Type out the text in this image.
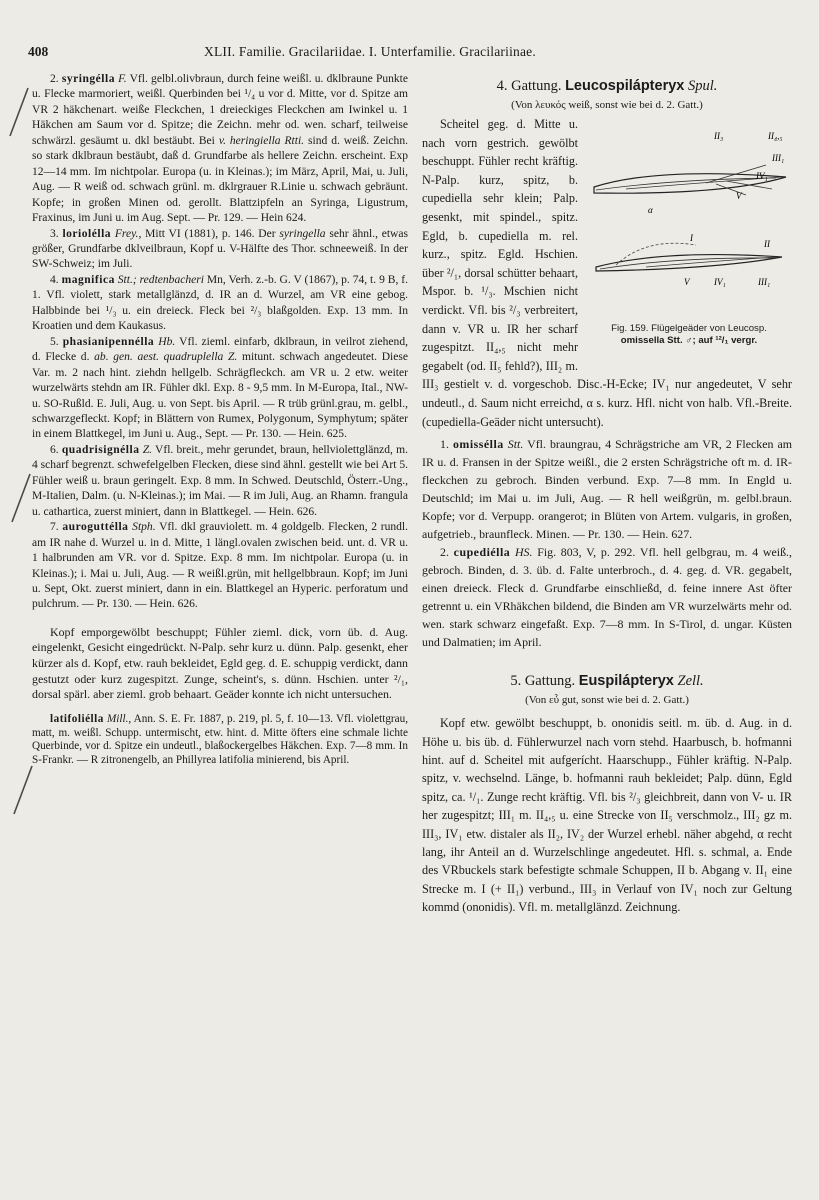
408	XLII. Familie. Gracilariidae. I. Unterfamilie. Gracilariinae.

2. syringélla F. Vfl. gelbl.olivbraun, durch feine weißl. u. dklbraune Punkte u. Flecke marmoriert, weißl. Querbinden bei ¹/₄ u vor d. Mitte, vor d. Spitze am VR 2 häkchenart. weiße Fleckchen, 1 dreieckiges Fleckchen am Iwinkel u. 1 Häkchen am Saum vor d. Spitze; die Zeichn. mehr od. wen. scharf, teilweise schwärzl. gesäumt u. dkl bestäubt. Bei v. heringiella Rtti. sind d. weiß. Zeichn. so stark dklbraun bestäubt, daß d. Grundfarbe als hellere Zeichn. erscheint. Exp 12—14 mm. Im nichtpolar. Europa (u. in Kleinas.); im März, April, Mai, u. Juli, Aug. — R weiß od. schwach grünl. m. dklrgrauer R.Linie u. schwach gebräunt. Kopfe; in großen Minen od. gerollt. Blattzipfeln an Syringa, Ligustrum, Fraxinus, im Juni u. im Aug. Sept. — Pr. 129. — Hein 624.

3. loriolélla Frey., Mitt VI (1881), p. 146. Der syringella sehr ähnl., etwas größer, Grundfarbe dklveilbraun, Kopf u. V-Hälfte des Thor. schneeweiß. In der SW-Schweiz; im Juli.

4. magnifica Stt.; redtenbacheri Mn, Verh. z.-b. G. V (1867), p. 74, t. 9 B, f. 1. Vfl. violett, stark metallglänzd, d. IR an d. Wurzel, am VR eine gebog. Halbbinde bei ¹/₃ u. ein dreieck. Fleck bei ²/₃ blaßgolden. Exp. 13 mm. In Kroatien und dem Kaukasus.

5. phasianipennélla Hb. Vfl. zieml. einfarb, dklbraun, in veilrot ziehend, d. Flecke d. ab. gen. aest. quadruplella Z. mitunt. schwach angedeutet. Diese Var. m. 2 nach hint. ziehdn hellgelb. Schrägfleckch. am VR u. 2 etw. weiter wurzelwärts stehdn am IR. Fühler dkl. Exp. 8 - 9,5 mm. In M-Europa, Ital., NW- u. SO-Rußld. E. Juli, Aug. u. von Sept. bis April. — R trüb grünl.grau, m. gelbl., schwarzgefleckt. Kopf; in Blättern von Rumex, Polygonum, Symphytum; später in einem Blattkegel, im Juni u. Aug., Sept. — Pr. 130. — Hein. 625.

6. quadrisignélla Z. Vfl. breit., mehr gerundet, braun, hellviolettglänzd, m. 4 scharf begrenzt. schwefelgelben Flecken, diese sind ähnl. gestellt wie bei Art 5. Fühler weiß u. braun geringelt. Exp. 8 mm. In Schwed. Deutschld, Österr.-Ung., M-Italien, Dalm. (u. N-Kleinas.); im Mai. — R im Juli, Aug. an Rhamn. frangula u. cathartica, zuerst miniert, dann in Blattkegel. — Hein. 626.

7. auroguttélla Stph. Vfl. dkl grauviolett. m. 4 goldgelb. Flecken, 2 rundl. am IR nahe d. Wurzel u. in d. Mitte, 1 längl.ovalen zwischen beid. unt. d. VR u. 1 halbrunden am VR. vor d. Spitze. Exp. 8 mm. Im nichtpolar. Europa (u. in Kleinas.); i. Mai u. Juli, Aug. — R weißl.grün, mit hellgelbbraun. Kopf; im Juni u. Sept, Okt. zuerst miniert, dann in ein. Blattkegel an Hyperic. perforatum und pulchrum. — Pr. 130. — Hein. 626.

Kopf emporgewölbt beschuppt; Fühler zieml. dick, vorn üb. d. Aug. eingelenkt, Gesicht eingedrückt. N-Palp. sehr kurz u. dünn. Palp. gesenkt, eher kürzer als d. Kopf, etw. rauh bekleidet, Egld geg. d. E. schuppig verdickt, dann gestutzt oder kurz zugespitzt. Zunge, scheint's, s. dünn. Hschien. unter ²/₁, dorsal spärl. aber zieml. grob behaart. Geäder konnte ich nicht untersuchen.

latifoliélla Mill., Ann. S. E. Fr. 1887, p. 219, pl. 5, f. 10—13. Vfl. violettgrau, matt, m. weißl. Schupp. untermischt, etw. hint. d. Mitte öfters eine schmale lichte Querbinde, vor d. Spitze ein undeutl., blaßockergelbes Häkchen. Exp. 7—8 mm. In S-Frankr. — R zitronengelb, an Phillyrea latifolia minierend, bis April.

4. Gattung. Leucospilápteryx Spul.
(Von λευκός weiß, sonst wie bei d. 2. Gatt.)
II₃	II₄,₅
III₁
IV₁
V
α
I
II
III₁
IV₁
V
Fig. 159. Flügelgeäder von Leucosp.
omissella Stt. ♂; auf ¹²/₁ vergr.

Scheitel geg. d. Mitte u. nach vorn gestrich. gewölbt beschuppt. Fühler recht kräftig. N-Palp. kurz, spitz, b. cupediella sehr klein; Palp. gesenkt, mit spindel., spitz. Egld, b. cupediella m. rel. kurz., spitz. Egld. Hschien. über ²/₁, dorsal schütter behaart, Mspor. b. ¹/₃. Mschien nicht verdickt. Vfl. bis ²/₃ verbreitert, dann v. VR u. IR her scharf zugespitzt. II₄,₅ nicht mehr gegabelt (od. II₅ fehld?), III₂ m. III₃ gestielt v. d. vorgeschob. Disc.-H-Ecke; IV₁ nur angedeutet, V sehr undeutl., d. Saum nicht erreichd, α s. kurz. Hfl. nicht von halb. Vfl.-Breite. (cupediella-Geäder nicht untersucht).

1. omissélla Stt. Vfl. braungrau, 4 Schrägstriche am VR, 2 Flecken am IR u. d. Fransen in der Spitze weißl., die 2 ersten Schrägstriche oft m. d. IR-fleckchen zu gebroch. Binden verbund. Exp. 7—8 mm. In Engld u. Deutschld; im Mai u. im Juli, Aug. — R hell weißgrün, m. gelbl.braun. Kopfe; vor d. Verpupp. orangerot; in Blüten von Artem. vulgaris, in großen, aufgetrieb., braunfleck. Minen. — Pr. 130. — Hein. 627.

2. cupediélla HS. Fig. 803, V, p. 292. Vfl. hell gelbgrau, m. 4 weiß., gebroch. Binden, d. 3. üb. d. Falte unterbroch., d. 4. geg. d. VR. gegabelt, einen dreieck. Fleck d. Grundfarbe einschließd, d. feine innere Ast öfter getrennt u. ein VRhäkchen bildend, die Binden am VR wurzelwärts mehr od. wen. stark schwarz eingefaßt. Exp. 7—8 mm. In S-Tirol, d. ungar. Küsten und Dalmatien; im April.

5. Gattung. Euspilápteryx Zell.
(Von εὖ gut, sonst wie bei d. 2. Gatt.)

Kopf etw. gewölbt beschuppt, b. ononidis seitl. m. üb. d. Aug. in d. Höhe u. bis üb. d. Fühlerwurzel nach vorn stehd. Haarbusch, b. hofmanni hint. auf d. Scheitel mit aufgerícht. Haarschupp., Fühler kräftig. N-Palp. spitz, v. wechselnd. Länge, b. hofmanni rauh bekleidet; Palp. dünn, Egld spitz, ca. ¹/₁. Zunge recht kräftig. Vfl. bis ²/₃ gleichbreit, dann von V- u. IR her zugespitzt; III₁ m. II₄,₅ u. eine Strecke von II₅ verschmolz., III₂ gz m. III₃, IV₁ etw. distaler als II₂, IV₂ der Wurzel erhebl. näher abgehd, α recht lang, ihr Anteil an d. Wurzelschlinge angedeutet. Hfl. s. schmal, a. Ende des VRbuckels stark befestigte schmale Schuppen, II b. Abgang v. II₁ eine Strecke m. I (+ II₁) verbund., III₃ in Verlauf von IV₁ noch zur Geltung kommd (ononidis). Vfl. m. metallglänzd. Zeichnung.
